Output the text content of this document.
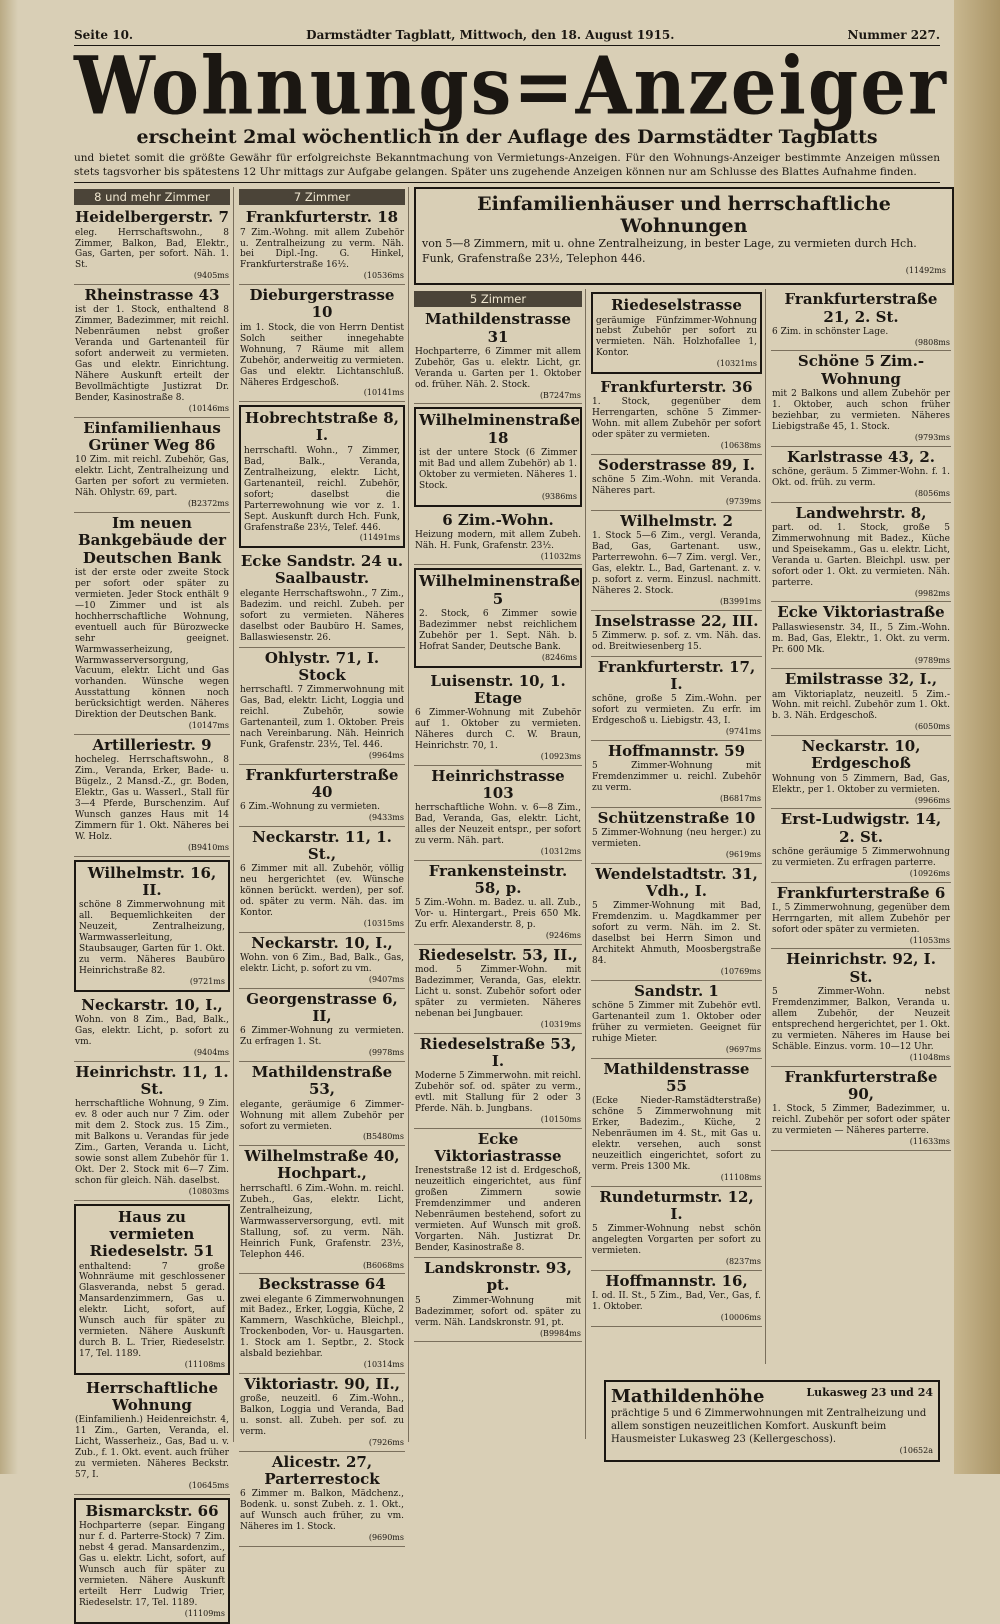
Seite 10.	Darmstädter Tagblatt, Mittwoch, den 18. August 1915.	Nummer 227.
Wohnungs=Anzeiger
erscheint 2mal wöchentlich in der Auflage des Darmstädter Tagblatts
und bietet somit die größte Gewähr für erfolgreichste Bekanntmachung von Vermietungs-Anzeigen. Für den Wohnungs-Anzeiger bestimmte Anzeigen müssen stets tagsvorher bis spätestens 12 Uhr mittags zur Aufgabe gelangen. Später uns zugehende Anzeigen können nur am Schlusse des Blattes Aufnahme finden.
Einfamilienhäuser und herrschaftliche Wohnungen
von 5—8 Zimmern, mit u. ohne Zentralheizung, in bester Lage, zu vermieten durch Hch. Funk, Grafenstraße 23½, Telephon 446.
(11492ms
8 und mehr Zimmer
Heidelbergerstr. 7
eleg. Herrschaftswohn., 8 Zimmer, Balkon, Bad, Elektr., Gas, Garten, per sofort. Näh. 1. St.
(9405ms
Rheinstrasse 43
ist der 1. Stock, enthaltend 8 Zimmer, Badezimmer, mit reichl. Nebenräumen nebst großer Veranda und Gartenanteil für sofort anderweit zu vermieten. Gas und elektr. Einrichtung. Nähere Auskunft erteilt der Bevollmächtigte Justizrat Dr. Bender, Kasinostraße 8.
(10146ms
Einfamilienhaus Grüner Weg 86
10 Zim. mit reichl. Zubehör, Gas, elektr. Licht, Zentralheizung und Garten per sofort zu vermieten. Näh. Ohlystr. 69, part.
(B2372ms
Im neuen Bankgebäude der Deutschen Bank
ist der erste oder zweite Stock per sofort oder später zu vermieten. Jeder Stock enthält 9—10 Zimmer und ist als hochherrschaftliche Wohnung, eventuell auch für Bürozwecke sehr geeignet. Warmwasserheizung, Warmwasserversorgung, Vacuum, elektr. Licht und Gas vorhanden. Wünsche wegen Ausstattung können noch berücksichtigt werden. Näheres Direktion der Deutschen Bank.
(10147ms
Artilleriestr. 9
hocheleg. Herrschaftswohn., 8 Zim., Veranda, Erker, Bade- u. Bügelz., 2 Mansd.-Z., gr. Boden, Elektr., Gas u. Wasserl., Stall für 3—4 Pferde, Burschenzim. Auf Wunsch ganzes Haus mit 14 Zimmern für 1. Okt. Näheres bei W. Holz.
(B9410ms
Wilhelmstr. 16, II.
schöne 8 Zimmerwohnung mit all. Bequemlichkeiten der Neuzeit, Zentralheizung, Warmwasserleitung, Staubsauger, Garten für 1. Okt. zu verm. Näheres Baubüro Heinrichstraße 82.
(9721ms
Neckarstr. 10, I.,
Wohn. von 8 Zim., Bad, Balk., Gas, elektr. Licht, p. sofort zu vm.
(9404ms
Heinrichstr. 11, 1. St.
herrschaftliche Wohnung, 9 Zim. ev. 8 oder auch nur 7 Zim. oder mit dem 2. Stock zus. 15 Zim., mit Balkons u. Verandas für jede Zim., Garten, Veranda u. Licht, sowie sonst allem Zubehör für 1. Okt. Der 2. Stock mit 6—7 Zim. schon für gleich. Näh. daselbst.
(10803ms
Haus zu vermieten Riedeselstr. 51
enthaltend: 7 große Wohnräume mit geschlossener Glasveranda, nebst 5 gerad. Mansardenzimmern, Gas u. elektr. Licht, sofort, auf Wunsch auch für später zu vermieten. Nähere Auskunft durch B. L. Trier, Riedeselstr. 17, Tel. 1189.
(11108ms
Herrschaftliche Wohnung
(Einfamilienh.) Heidenreichstr. 4, 11 Zim., Garten, Veranda, el. Licht, Wasserheiz., Gas, Bad u. v. Zub., f. 1. Okt. event. auch früher zu vermieten. Näheres Beckstr. 57, I.
(10645ms
Bismarckstr. 66
Hochparterre (separ. Eingang nur f. d. Parterre-Stock) 7 Zim. nebst 4 gerad. Mansardenzim., Gas u. elektr. Licht, sofort, auf Wunsch auch für später zu vermieten. Nähere Auskunft erteilt Herr Ludwig Trier, Riedeselstr. 17, Tel. 1189.
(11109ms
7 Zimmer
Frankfurterstr. 18
7 Zim.-Wohng. mit allem Zubehör u. Zentralheizung zu verm. Näh. bei Dipl.-Ing. G. Hinkel, Frankfurterstraße 16½.
(10536ms
Dieburgerstrasse 10
im 1. Stock, die von Herrn Dentist Solch seither innegehabte Wohnung, 7 Räume mit allem Zubehör, anderweitig zu vermieten. Gas und elektr. Lichtanschluß. Näheres Erdgeschoß.
(10141ms
Hobrechtstraße 8, I.
herrschaftl. Wohn., 7 Zimmer, Bad, Balk., Veranda, Zentralheizung, elektr. Licht, Gartenanteil, reichl. Zubehör, sofort; daselbst die Parterrewohnung wie vor z. 1. Sept. Auskunft durch Hch. Funk, Grafenstraße 23½, Telef. 446.
(11491ms
Ecke Sandstr. 24 u. Saalbaustr.
elegante Herrschaftswohn., 7 Zim., Badezim. und reichl. Zubeh. per sofort zu vermieten. Näheres daselbst oder Baubüro H. Sames, Ballaswiesenstr. 26.
Ohlystr. 71, I. Stock
herrschaftl. 7 Zimmerwohnung mit Gas, Bad, elektr. Licht, Loggia und reichl. Zubehör, sowie Gartenanteil, zum 1. Oktober. Preis nach Vereinbarung. Näh. Heinrich Funk, Grafenstr. 23½, Tel. 446.
(9964ms
Frankfurterstraße 40
6 Zim.-Wohnung zu vermieten.
(9433ms
Neckarstr. 11, 1. St.,
6 Zimmer mit all. Zubehör, völlig neu hergerichtet (ev. Wünsche können berückt. werden), per sof. od. später zu verm. Näh. das. im Kontor.
(10315ms
Neckarstr. 10, I.,
Wohn. von 6 Zim., Bad, Balk., Gas, elektr. Licht, p. sofort zu vm.
(9407ms
Georgenstrasse 6, II,
6 Zimmer-Wohnung zu vermieten. Zu erfragen 1. St.
(9978ms
Mathildenstraße 53,
elegante, geräumige 6 Zimmer-Wohnung mit allem Zubehör per sofort zu vermieten.
(B5480ms
Wilhelmstraße 40, Hochpart.,
herrschaftl. 6 Zim.-Wohn. m. reichl. Zubeh., Gas, elektr. Licht, Zentralheizung, Warmwasserversorgung, evtl. mit Stallung, sof. zu verm. Näh. Heinrich Funk, Grafenstr. 23½, Telephon 446.
(B6068ms
Beckstrasse 64
zwei elegante 6 Zimmerwohnungen mit Badez., Erker, Loggia, Küche, 2 Kammern, Waschküche, Bleichpl., Trockenboden, Vor- u. Hausgarten. 1. Stock am 1. Septbr., 2. Stock alsbald beziehbar.
(10314ms
Viktoriastr. 90, II.,
große, neuzeitl. 6 Zim.-Wohn., Balkon, Loggia und Veranda, Bad u. sonst. all. Zubeh. per sof. zu verm.
(7926ms
Alicestr. 27, Parterrestock
6 Zimmer m. Balkon, Mädchenz., Bodenk. u. sonst Zubeh. z. 1. Okt., auf Wunsch auch früher, zu vm. Näheres im 1. Stock.
(9690ms
5 Zimmer
Mathildenstrasse 31
Hochparterre, 6 Zimmer mit allem Zubehör, Gas u. elektr. Licht, gr. Veranda u. Garten per 1. Oktober od. früher. Näh. 2. Stock.
(B7247ms
Wilhelminenstraße 18
ist der untere Stock (6 Zimmer mit Bad und allem Zubehör) ab 1. Oktober zu vermieten. Näheres 1. Stock.
(9386ms
6 Zim.-Wohn.
Heizung modern, mit allem Zubeh. Näh. H. Funk, Grafenstr. 23½.
(11032ms
Wilhelminenstraße 5
2. Stock, 6 Zimmer sowie Badezimmer nebst reichlichem Zubehör per 1. Sept. Näh. b. Hofrat Sander, Deutsche Bank.
(8246ms
Luisenstr. 10, 1. Etage
6 Zimmer-Wohnung mit Zubehör auf 1. Oktober zu vermieten. Näheres durch C. W. Braun, Heinrichstr. 70, 1.
(10923ms
Heinrichstrasse 103
herrschaftliche Wohn. v. 6—8 Zim., Bad, Veranda, Gas, elektr. Licht, alles der Neuzeit entspr., per sofort zu verm. Näh. part.
(10312ms
Frankensteinstr. 58, p.
5 Zim.-Wohn. m. Badez. u. all. Zub., Vor- u. Hintergart., Preis 650 Mk. Zu erfr. Alexanderstr. 8, p.
(9246ms
Riedeselstr. 53, II.,
mod. 5 Zimmer-Wohn. mit Badezimmer, Veranda, Gas, elektr. Licht u. sonst. Zubehör sofort oder später zu vermieten. Näheres nebenan bei Jungbauer.
(10319ms
Riedeselstraße 53, I.
Moderne 5 Zimmerwohn. mit reichl. Zubehör sof. od. später zu verm., evtl. mit Stallung für 2 oder 3 Pferde. Näh. b. Jungbans.
(10150ms
Ecke Viktoriastrasse
Ireneststraße 12 ist d. Erdgeschoß, neuzeitlich eingerichtet, aus fünf großen Zimmern sowie Fremdenzimmer und anderen Nebenräumen bestehend, sofort zu vermieten. Auf Wunsch mit groß. Vorgarten. Näh. Justizrat Dr. Bender, Kasinostraße 8.
Landskronstr. 93, pt.
5 Zimmer-Wohnung mit Badezimmer, sofort od. später zu verm. Näh. Landskronstr. 91, pt.
(B9984ms
Riedeselstrasse
geräumige Fünfzimmer-Wohnung nebst Zubehör per sofort zu vermieten. Näh. Holzhofallee 1, Kontor.
(10321ms
Frankfurterstr. 36
1. Stock, gegenüber dem Herrengarten, schöne 5 Zimmer-Wohn. mit allem Zubehör per sofort oder später zu vermieten.
(10638ms
Soderstrasse 89, I.
schöne 5 Zim.-Wohn. mit Veranda. Näheres part.
(9739ms
Wilhelmstr. 2
1. Stock 5—6 Zim., vergl. Veranda, Bad, Gas, Gartenant. usw., Parterrewohn. 6—7 Zim. vergl. Ver., Gas, elektr. L., Bad, Gartenant. z. v. p. sofort z. verm. Einzusl. nachmitt. Näheres 2. Stock.
(B3991ms
Inselstrasse 22, III.
5 Zimmerw. p. sof. z. vm. Näh. das. od. Breitwiesenberg 15.
Frankfurterstr. 17, I.
schöne, große 5 Zim.-Wohn. per sofort zu vermieten. Zu erfr. im Erdgeschoß u. Liebigstr. 43, I.
(9741ms
Hoffmannstr. 59
5 Zimmer-Wohnung mit Fremdenzimmer u. reichl. Zubehör zu verm.
(B6817ms
Schützenstraße 10
5 Zimmer-Wohnung (neu herger.) zu vermieten.
(9619ms
Wendelstadtstr. 31, Vdh., I.
5 Zimmer-Wohnung mit Bad, Fremdenzim. u. Magdkammer per sofort zu verm. Näh. im 2. St. daselbst bei Herrn Simon und Architekt Ahmuth, Moosbergstraße 84.
(10769ms
Sandstr. 1
schöne 5 Zimmer mit Zubehör evtl. Gartenanteil zum 1. Oktober oder früher zu vermieten. Geeignet für ruhige Mieter.
(9697ms
Mathildenstrasse 55
(Ecke Nieder-Ramstädterstraße) schöne 5 Zimmerwohnung mit Erker, Badezim., Küche, 2 Nebenräumen im 4. St., mit Gas u. elektr. versehen, auch sonst neuzeitlich eingerichtet, sofort zu verm. Preis 1300 Mk.
(11108ms
Rundeturmstr. 12, I.
5 Zimmer-Wohnung nebst schön angelegten Vorgarten per sofort zu vermieten.
(8237ms
Hoffmannstr. 16,
I. od. II. St., 5 Zim., Bad, Ver., Gas, f. 1. Oktober.
(10006ms
Frankfurterstraße 21, 2. St.
6 Zim. in schönster Lage.
(9808ms
Schöne 5 Zim.-Wohnung
mit 2 Balkons und allem Zubehör per 1. Oktober, auch schon früher beziehbar, zu vermieten. Näheres Liebigstraße 45, 1. Stock.
(9793ms
Karlstrasse 43, 2.
schöne, geräum. 5 Zimmer-Wohn. f. 1. Okt. od. früh. zu verm.
(8056ms
Landwehrstr. 8,
part. od. 1. Stock, große 5 Zimmerwohnung mit Badez., Küche und Speisekamm., Gas u. elektr. Licht, Veranda u. Garten. Bleichpl. usw. per sofort oder 1. Okt. zu vermieten. Näh. parterre.
(9982ms
Ecke Viktoriastraße
Pallaswiesenstr. 34, II., 5 Zim.-Wohn. m. Bad, Gas, Elektr., 1. Okt. zu verm. Pr. 600 Mk.
(9789ms
Emilstrasse 32, I.,
am Viktoriaplatz, neuzeitl. 5 Zim.-Wohn. mit reichl. Zubehör zum 1. Okt. b. 3. Näh. Erdgeschoß.
(6050ms
Neckarstr. 10, Erdgeschoß
Wohnung von 5 Zimmern, Bad, Gas, Elektr., per 1. Oktober zu vermieten.
(9966ms
Erst-Ludwigstr. 14, 2. St.
schöne geräumige 5 Zimmerwohnung zu vermieten. Zu erfragen parterre.
(10926ms
Frankfurterstraße 6
I., 5 Zimmerwohnung, gegenüber dem Herrngarten, mit allem Zubehör per sofort oder später zu vermieten.
(11053ms
Heinrichstr. 92, I. St.
5 Zimmer-Wohn. nebst Fremdenzimmer, Balkon, Veranda u. allem Zubehör, der Neuzeit entsprechend hergerichtet, per 1. Okt. zu vermieten. Näheres im Hause bei Schäble. Einzus. vorm. 10—12 Uhr.
(11048ms
Frankfurterstraße 90,
1. Stock, 5 Zimmer, Badezimmer, u. reichl. Zubehör per sofort oder später zu vermieten — Näheres parterre.
(11633ms
Lukasweg 23 und 24
Mathildenhöhe
prächtige 5 und 6 Zimmerwohnungen mit Zentralheizung und allem sonstigen neuzeitlichen Komfort. Auskunft beim Hausmeister Lukasweg 23 (Kellergeschoss).
(10652a
